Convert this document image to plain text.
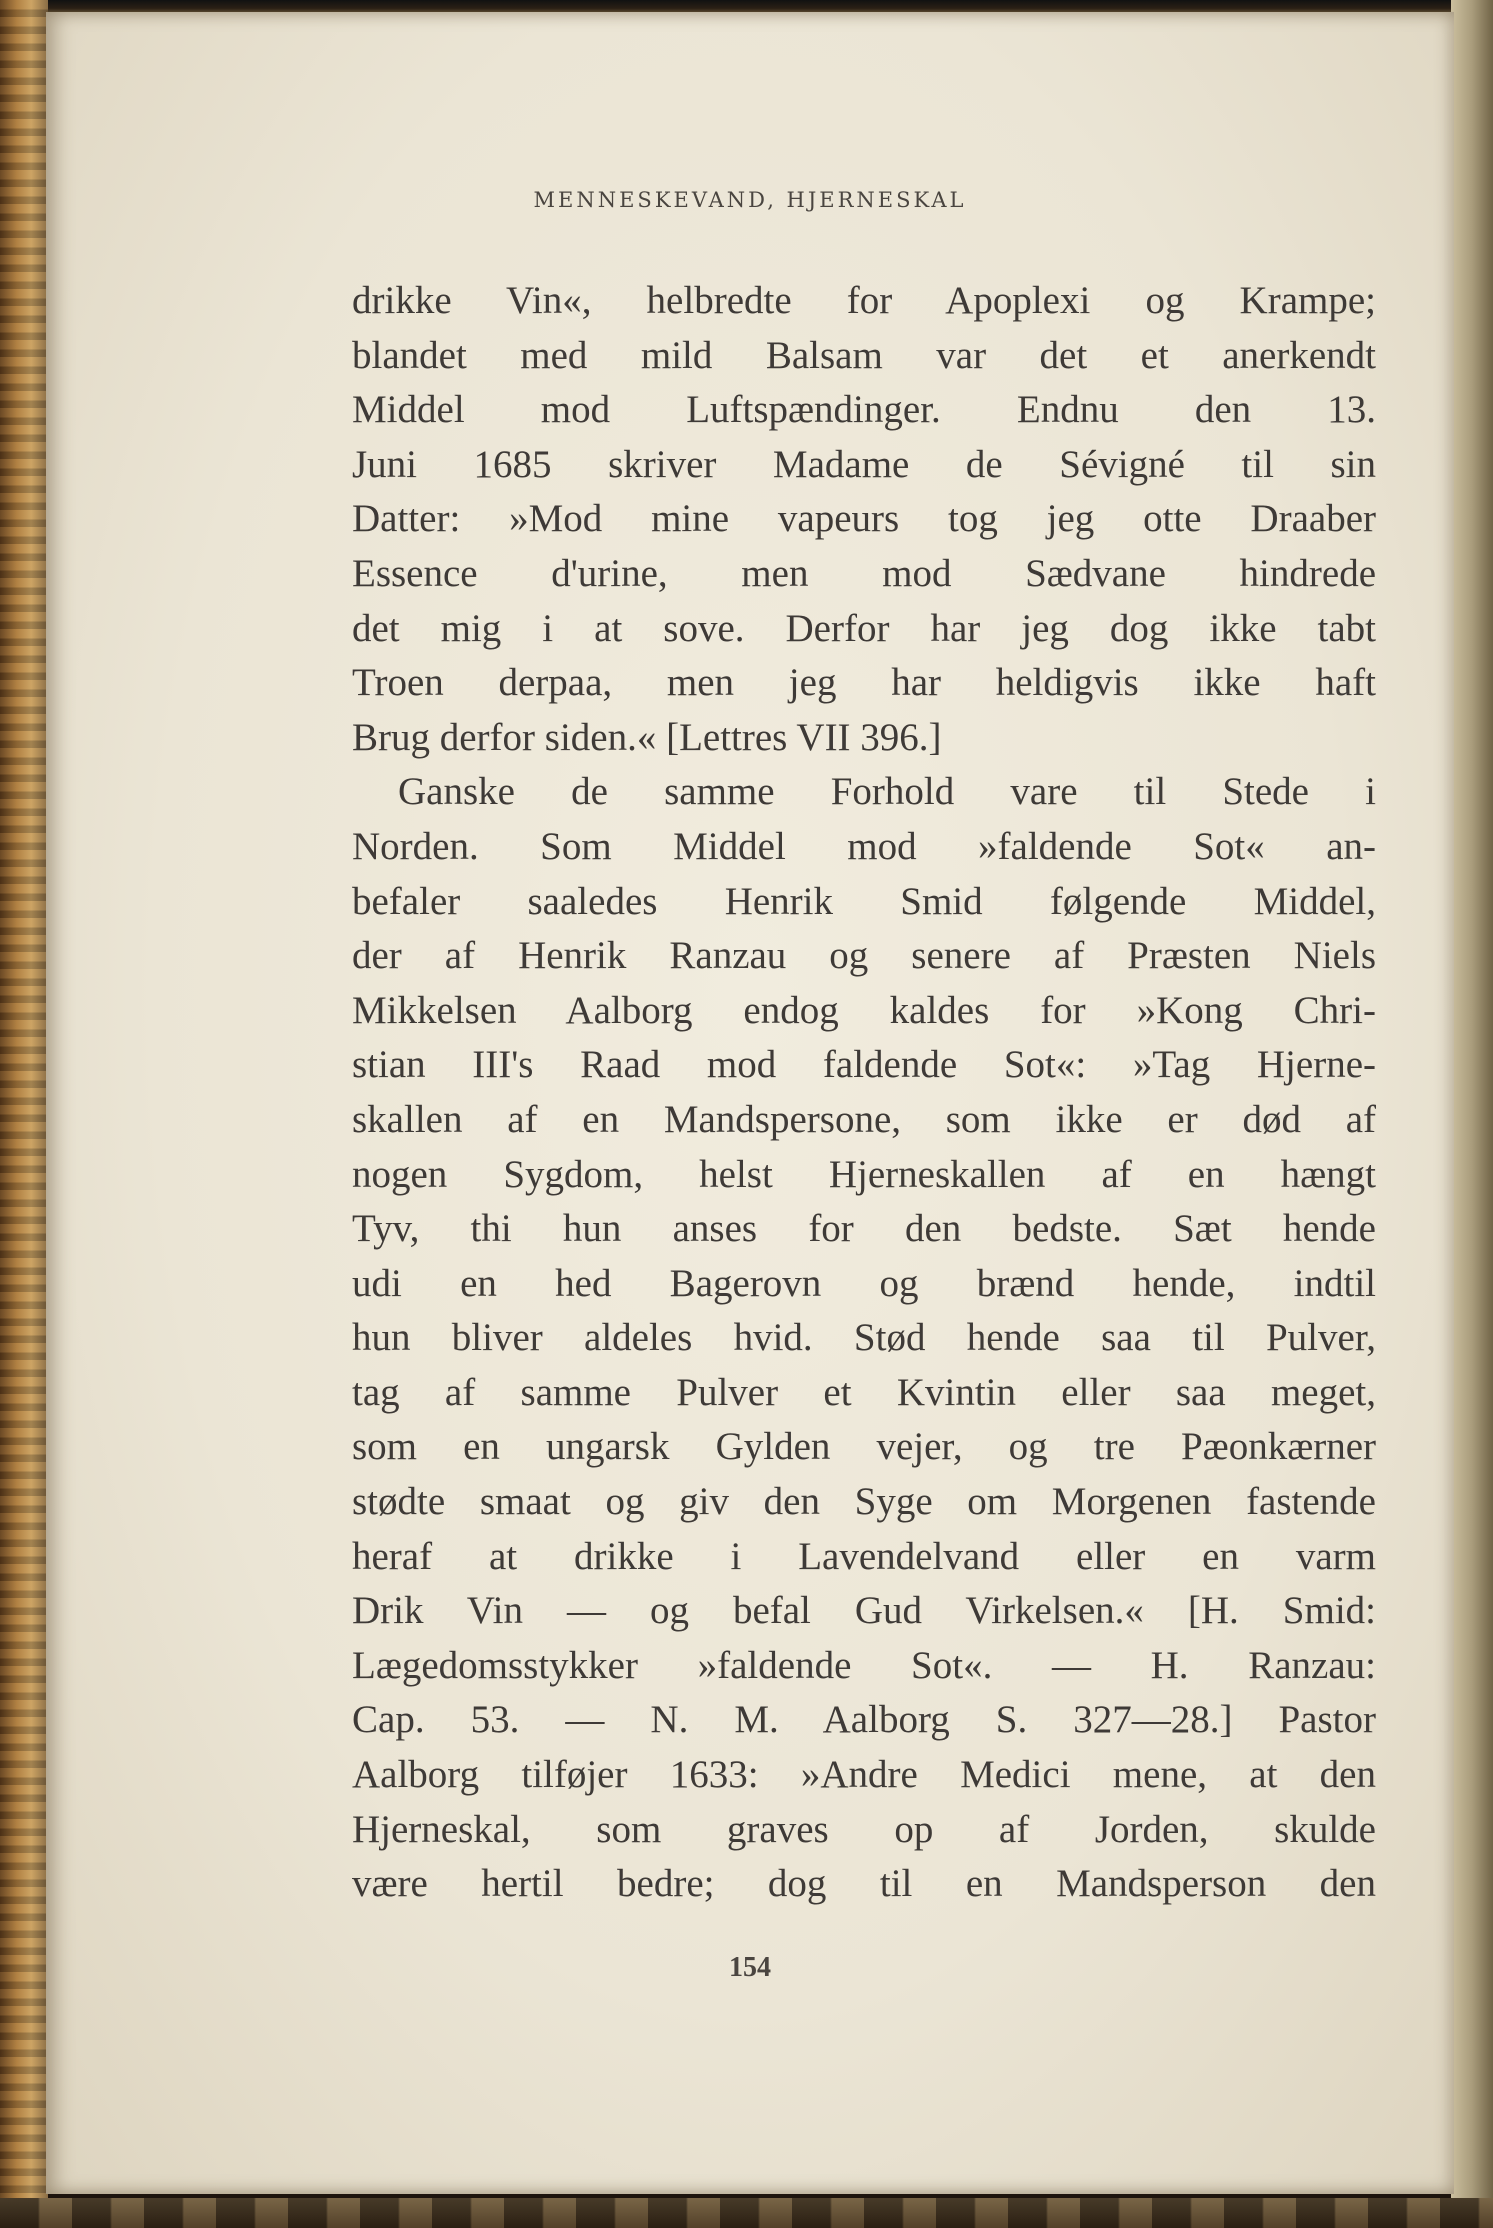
MENNESKEVAND, HJERNESKAL
drikke Vin«, helbredte for Apoplexi og Krampe;
blandet med mild Balsam var det et anerkendt
Middel mod Luftspændinger. Endnu den 13.
Juni 1685 skriver Madame de Sévigné til sin
Datter: »Mod mine vapeurs tog jeg otte Draaber
Essence d'urine, men mod Sædvane hindrede
det mig i at sove. Derfor har jeg dog ikke tabt
Troen derpaa, men jeg har heldigvis ikke haft
Brug derfor siden.« [Lettres VII 396.]
Ganske de samme Forhold vare til Stede i
Norden. Som Middel mod »faldende Sot« an-
befaler saaledes Henrik Smid følgende Middel,
der af Henrik Ranzau og senere af Præsten Niels
Mikkelsen Aalborg endog kaldes for »Kong Chri-
stian III's Raad mod faldende Sot«: »Tag Hjerne-
skallen af en Mandspersone, som ikke er død af
nogen Sygdom, helst Hjerneskallen af en hængt
Tyv, thi hun anses for den bedste. Sæt hende
udi en hed Bagerovn og brænd hende, indtil
hun bliver aldeles hvid. Stød hende saa til Pulver,
tag af samme Pulver et Kvintin eller saa meget,
som en ungarsk Gylden vejer, og tre Pæonkærner
stødte smaat og giv den Syge om Morgenen fastende
heraf at drikke i Lavendelvand eller en varm
Drik Vin — og befal Gud Virkelsen.« [H. Smid:
Lægedomsstykker »faldende Sot«. — H. Ranzau:
Cap. 53. — N. M. Aalborg S. 327—28.] Pastor
Aalborg tilføjer 1633: »Andre Medici mene, at den
Hjerneskal, som graves op af Jorden, skulde
være hertil bedre; dog til en Mandsperson den
154
